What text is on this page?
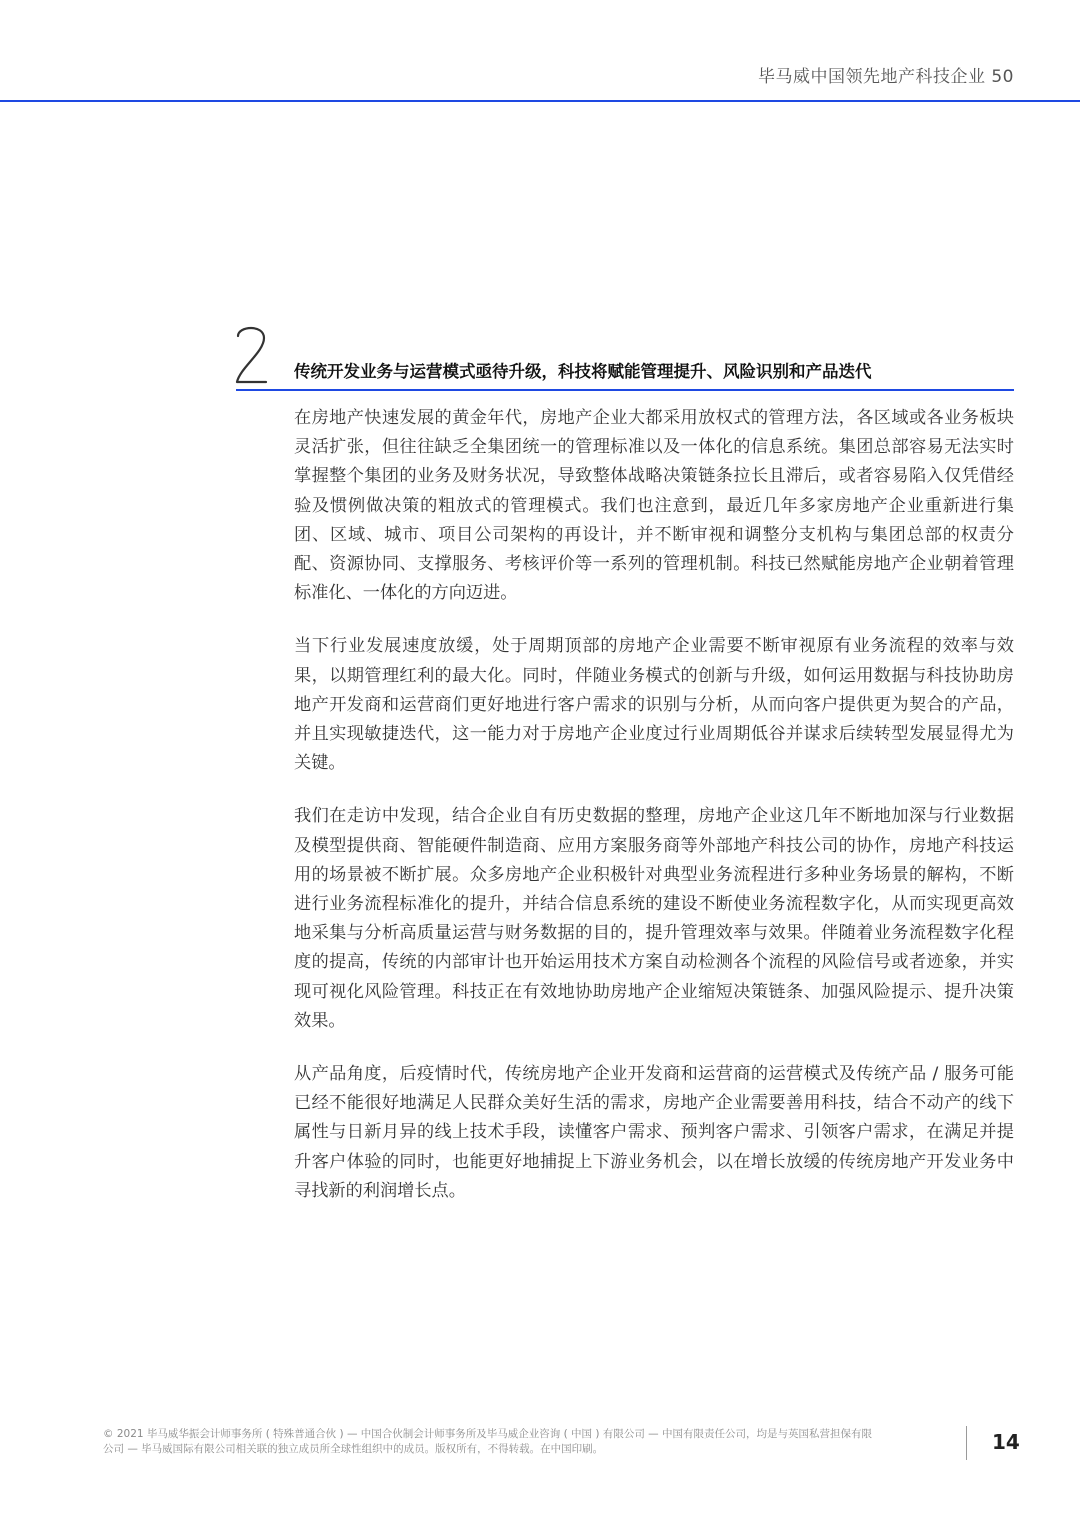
毕马威中国领先地产科技企业 50
传统开发业务与运营模式亟待升级，科技将赋能管理提升、风险识别和产品迭代

在房地产快速发展的黄金年代，房地产企业大都采用放权式的管理方法，各区域或各业务板块灵活扩张，但往往缺乏全集团统一的管理标准以及一体化的信息系统。集团总部容易无法实时掌握整个集团的业务及财务状况，导致整体战略决策链条拉长且滞后，或者容易陷入仅凭借经验及惯例做决策的粗放式的管理模式。我们也注意到，最近几年多家房地产企业重新进行集团、区域、城市、项目公司架构的再设计，并不断审视和调整分支机构与集团总部的权责分配、资源协同、支撑服务、考核评价等一系列的管理机制。科技已然赋能房地产企业朝着管理标准化、一体化的方向迈进。

当下行业发展速度放缓，处于周期顶部的房地产企业需要不断审视原有业务流程的效率与效果，以期管理红利的最大化。同时，伴随业务模式的创新与升级，如何运用数据与科技协助房地产开发商和运营商们更好地进行客户需求的识别与分析，从而向客户提供更为契合的产品，并且实现敏捷迭代，这一能力对于房地产企业度过行业周期低谷并谋求后续转型发展显得尤为关键。

我们在走访中发现，结合企业自有历史数据的整理，房地产企业这几年不断地加深与行业数据及模型提供商、智能硬件制造商、应用方案服务商等外部地产科技公司的协作，房地产科技运用的场景被不断扩展。众多房地产企业积极针对典型业务流程进行多种业务场景的解构，不断进行业务流程标准化的提升，并结合信息系统的建设不断使业务流程数字化，从而实现更高效地采集与分析高质量运营与财务数据的目的，提升管理效率与效果。伴随着业务流程数字化程度的提高，传统的内部审计也开始运用技术方案自动检测各个流程的风险信号或者迹象，并实现可视化风险管理。科技正在有效地协助房地产企业缩短决策链条、加强风险提示、提升决策效果。

从产品角度，后疫情时代，传统房地产企业开发商和运营商的运营模式及传统产品 / 服务可能已经不能很好地满足人民群众美好生活的需求，房地产企业需要善用科技，结合不动产的线下属性与日新月异的线上技术手段，读懂客户需求、预判客户需求、引领客户需求，在满足并提升客户体验的同时，也能更好地捕捉上下游业务机会，以在增长放缓的传统房地产开发业务中寻找新的利润增长点。

© 2021 毕马威华振会计师事务所 ( 特殊普通合伙 ) — 中国合伙制会计师事务所及毕马威企业咨询 ( 中国 ) 有限公司 — 中国有限责任公司，均是与英国私营担保有限
公司 — 毕马威国际有限公司相关联的独立成员所全球性组织中的成员。版权所有，不得转载。在中国印刷。	14
